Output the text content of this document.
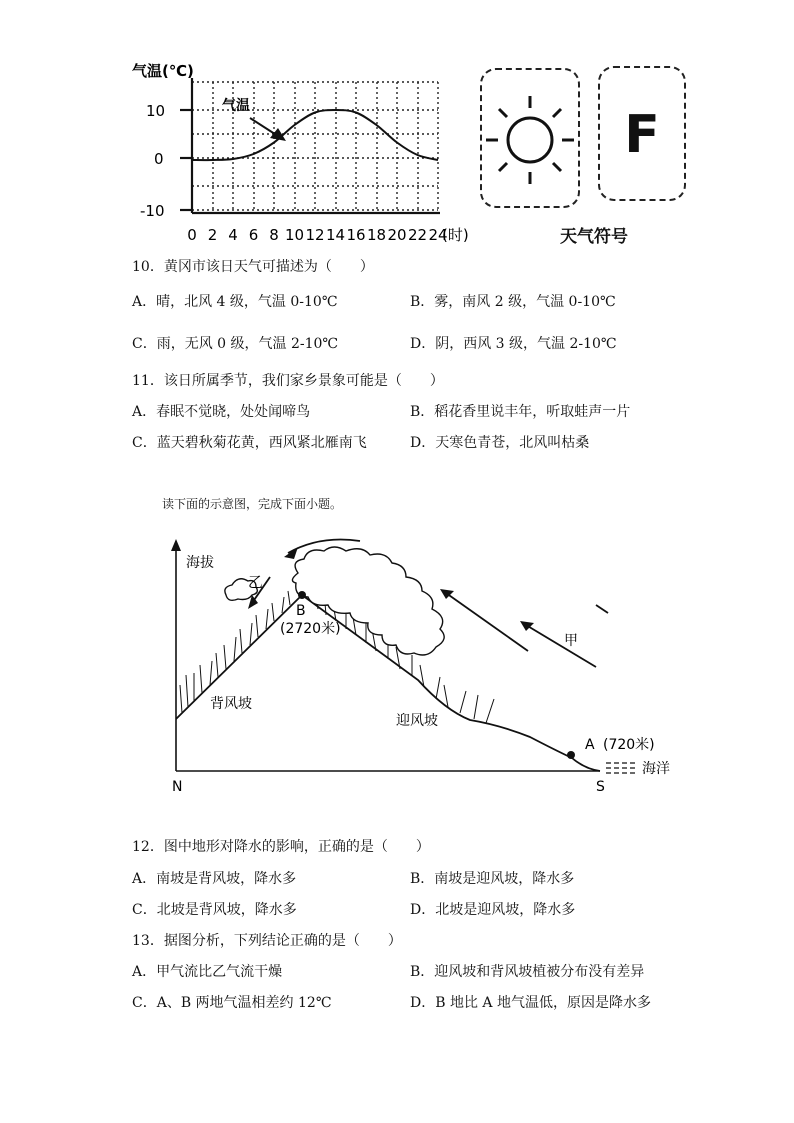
气温(℃)
10
0
-10
0 2 4 6 8 10 12 14 16 18 20 22 24
(时)
气温	F
天气符号
10．黄冈市该日天气可描述为（　　）
A．晴，北风 4 级，气温 0-10℃	B．雾，南风 2 级，气温 0-10℃
C．雨，无风 0 级，气温 2-10℃	D．阴，西风 3 级，气温 2-10℃
11．该日所属季节，我们家乡景象可能是（　　）
A．春眠不觉晓，处处闻啼鸟	B．稻花香里说丰年，听取蛙声一片
C．蓝天碧秋菊花黄，西风紧北雁南飞	D．天寒色青苍，北风叫枯桑
读下面的示意图，完成下面小题。
海拔
乙
甲
B
(2720米)
A (720米)
背风坡
迎风坡
N	S
海洋
12．图中地形对降水的影响，正确的是（　　）
A．南坡是背风坡，降水多	B．南坡是迎风坡，降水多
C．北坡是背风坡，降水多	D．北坡是迎风坡，降水多
13．据图分析，下列结论正确的是（　　）
A．甲气流比乙气流干燥	B．迎风坡和背风坡植被分布没有差异
C．A、B 两地气温相差约 12℃	D．B 地比 A 地气温低，原因是降水多
